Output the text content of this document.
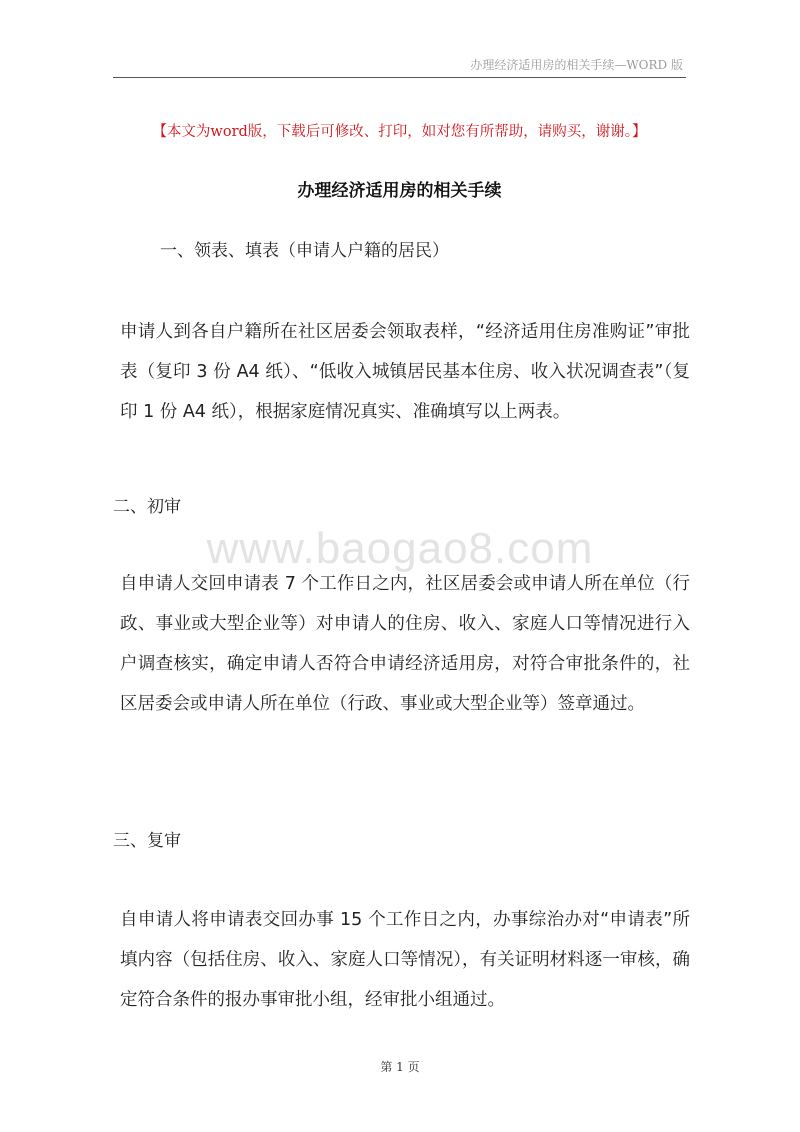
办理经济适用房的相关手续—WORD 版
【本文为word版，下载后可修改、打印，如对您有所帮助，请购买，谢谢。】
办理经济适用房的相关手续
一、领表、填表（申请人户籍的居民）
申请人到各自户籍所在社区居委会领取表样，“经济适用住房准购证”审批表（复印 3 份 A4 纸）、“低收入城镇居民基本住房、收入状况调查表”（复印 1 份 A4 纸），根据家庭情况真实、准确填写以上两表。
二、初审
www.baogao8.com
自申请人交回申请表 7 个工作日之内，社区居委会或申请人所在单位（行政、事业或大型企业等）对申请人的住房、收入、家庭人口等情况进行入户调查核实，确定申请人否符合申请经济适用房，对符合审批条件的，社区居委会或申请人所在单位（行政、事业或大型企业等）签章通过。
三、复审
自申请人将申请表交回办事 15 个工作日之内，办事综治办对“申请表”所填内容（包括住房、收入、家庭人口等情况），有关证明材料逐一审核，确定符合条件的报办事审批小组，经审批小组通过。
第 1 页
